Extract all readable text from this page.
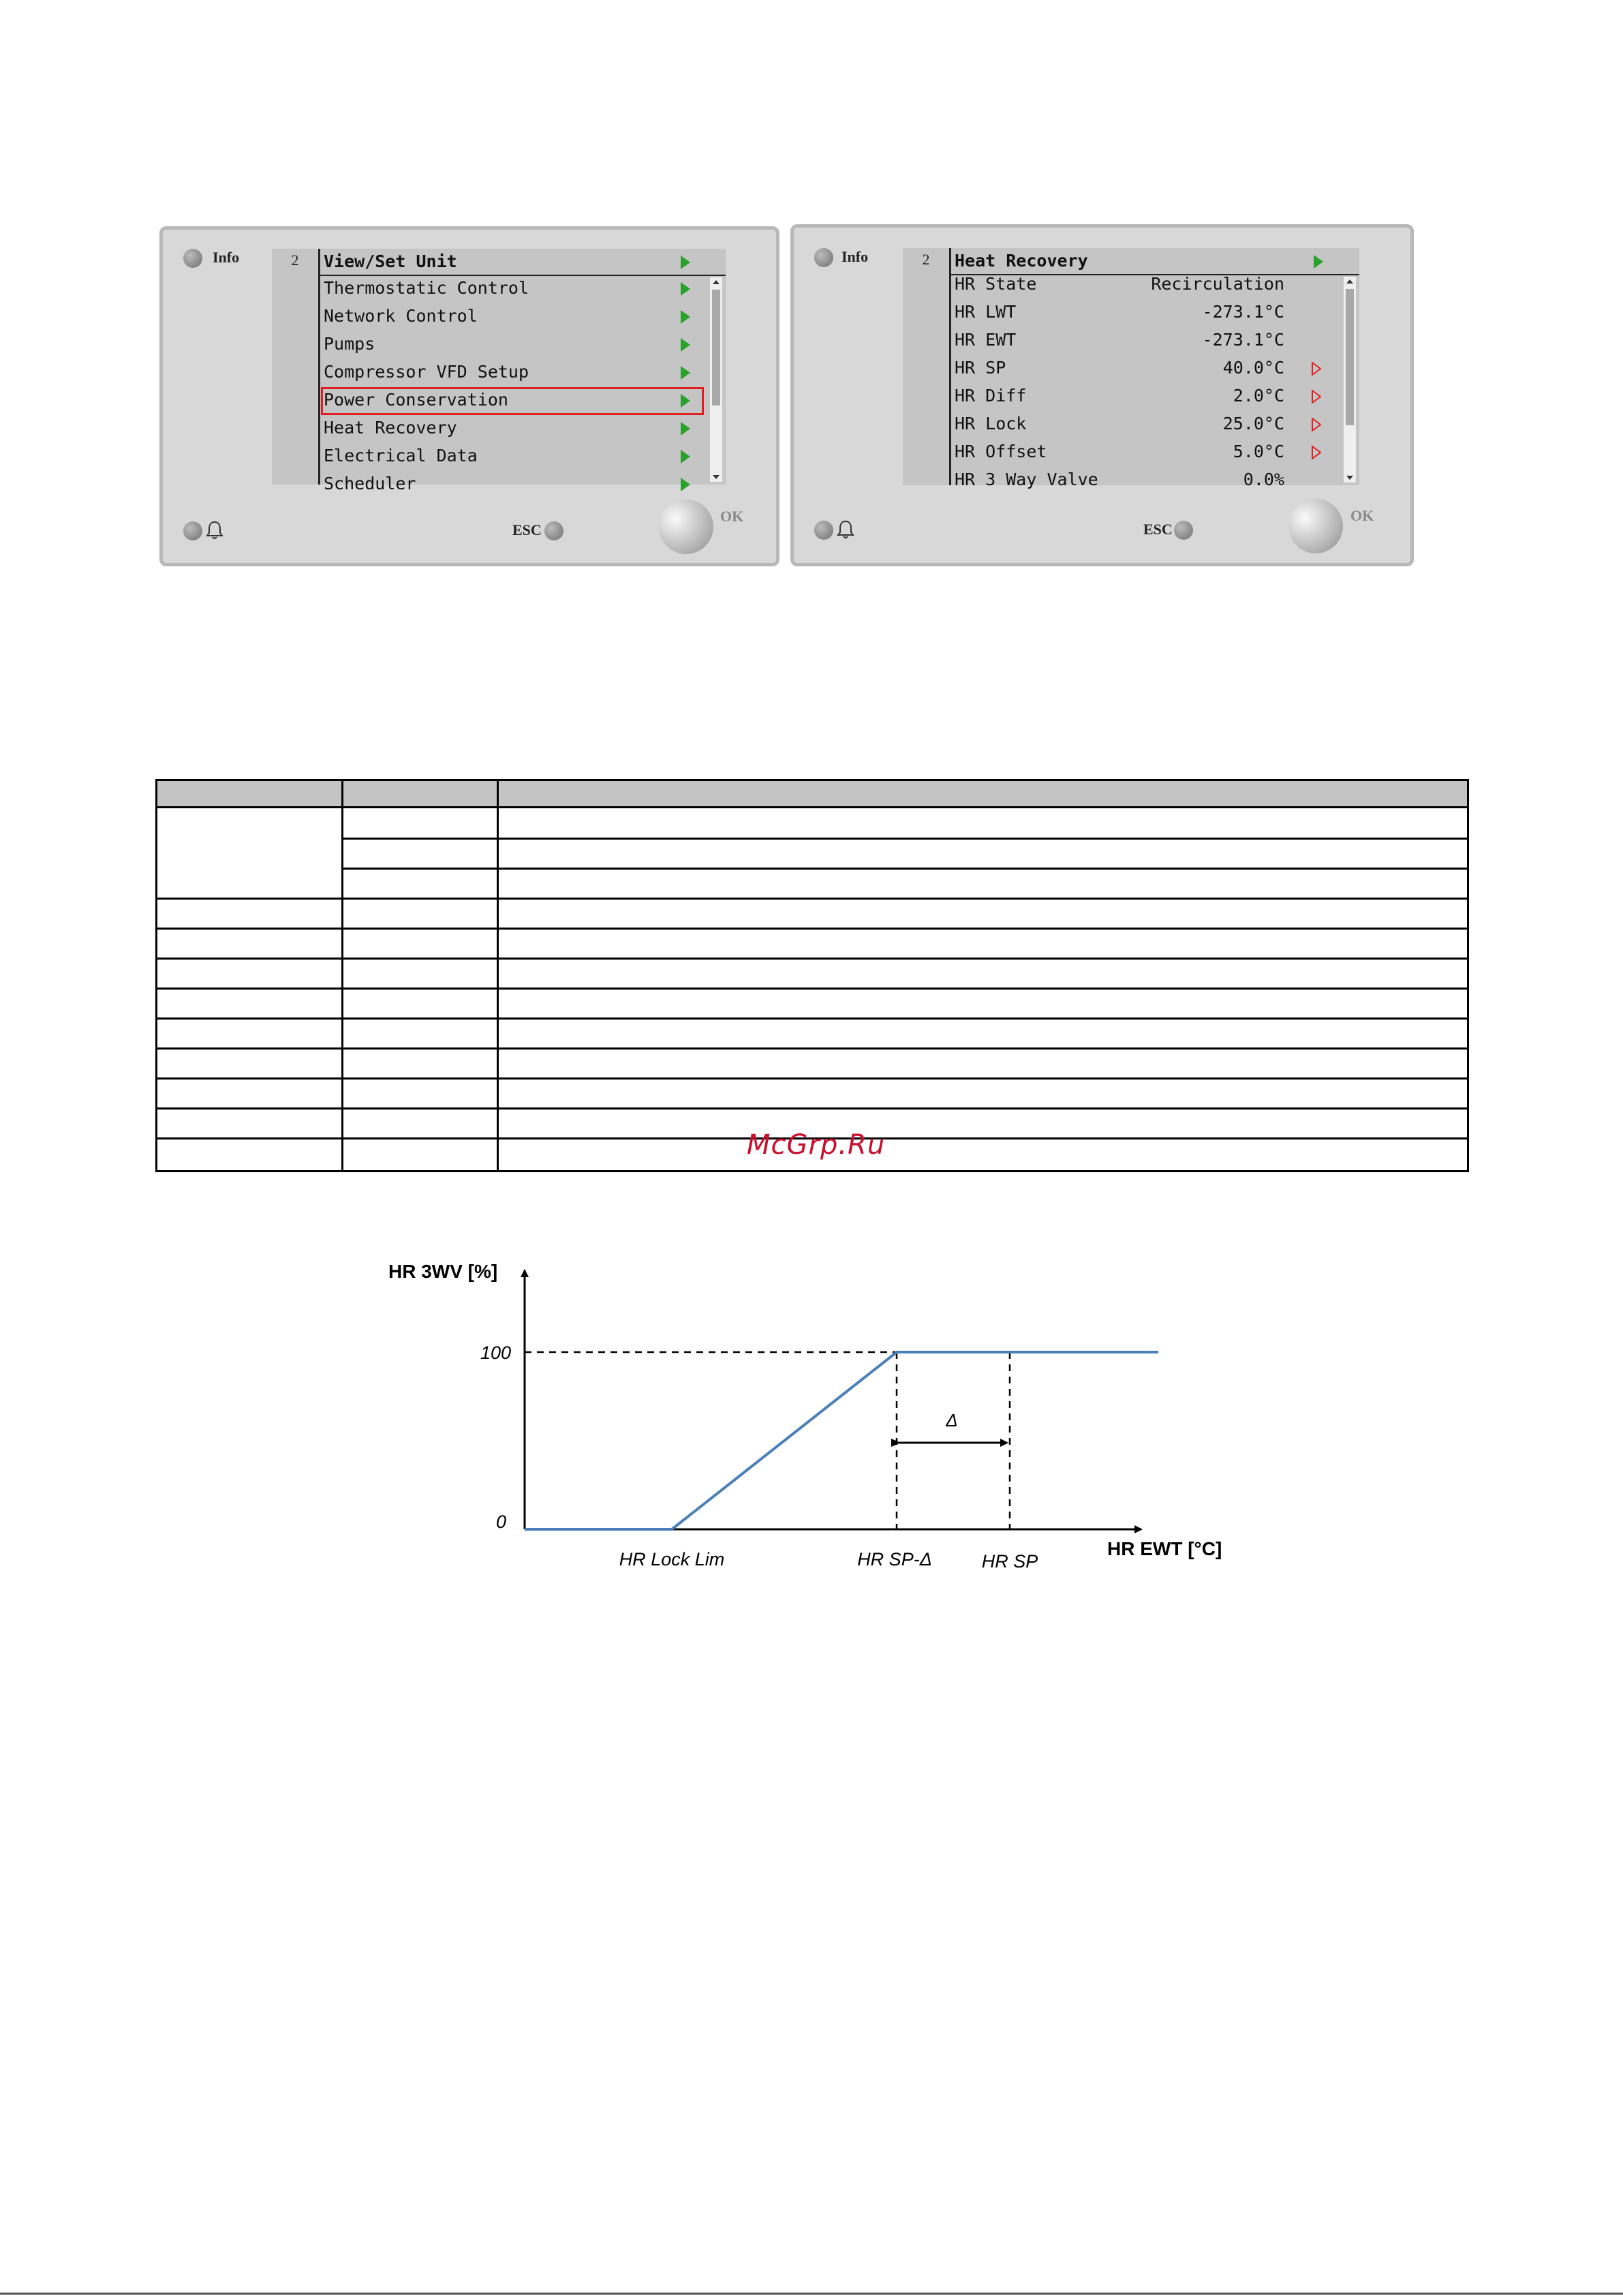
Info	2	View/Set Unit
Thermostatic Control
Network Control
Pumps
Compressor VFD Setup
Power Conservation
Heat Recovery
Electrical Data
Scheduler
ESC
OK
Info	2	Heat Recovery
HR State	Recirculation
HR LWT	-273.1°C
HR EWT	-273.1°C
HR SP	40.0°C
HR Diff	2.0°C
HR Lock	25.0°C
HR Offset	5.0°C
HR 3 Way Valve	0.0%
ESC
OK
McGrp.Ru
Δ
HR 3WV [%]
100
0
HR EWT [°C]
HR Lock Lim	HR SP-Δ	HR SP
